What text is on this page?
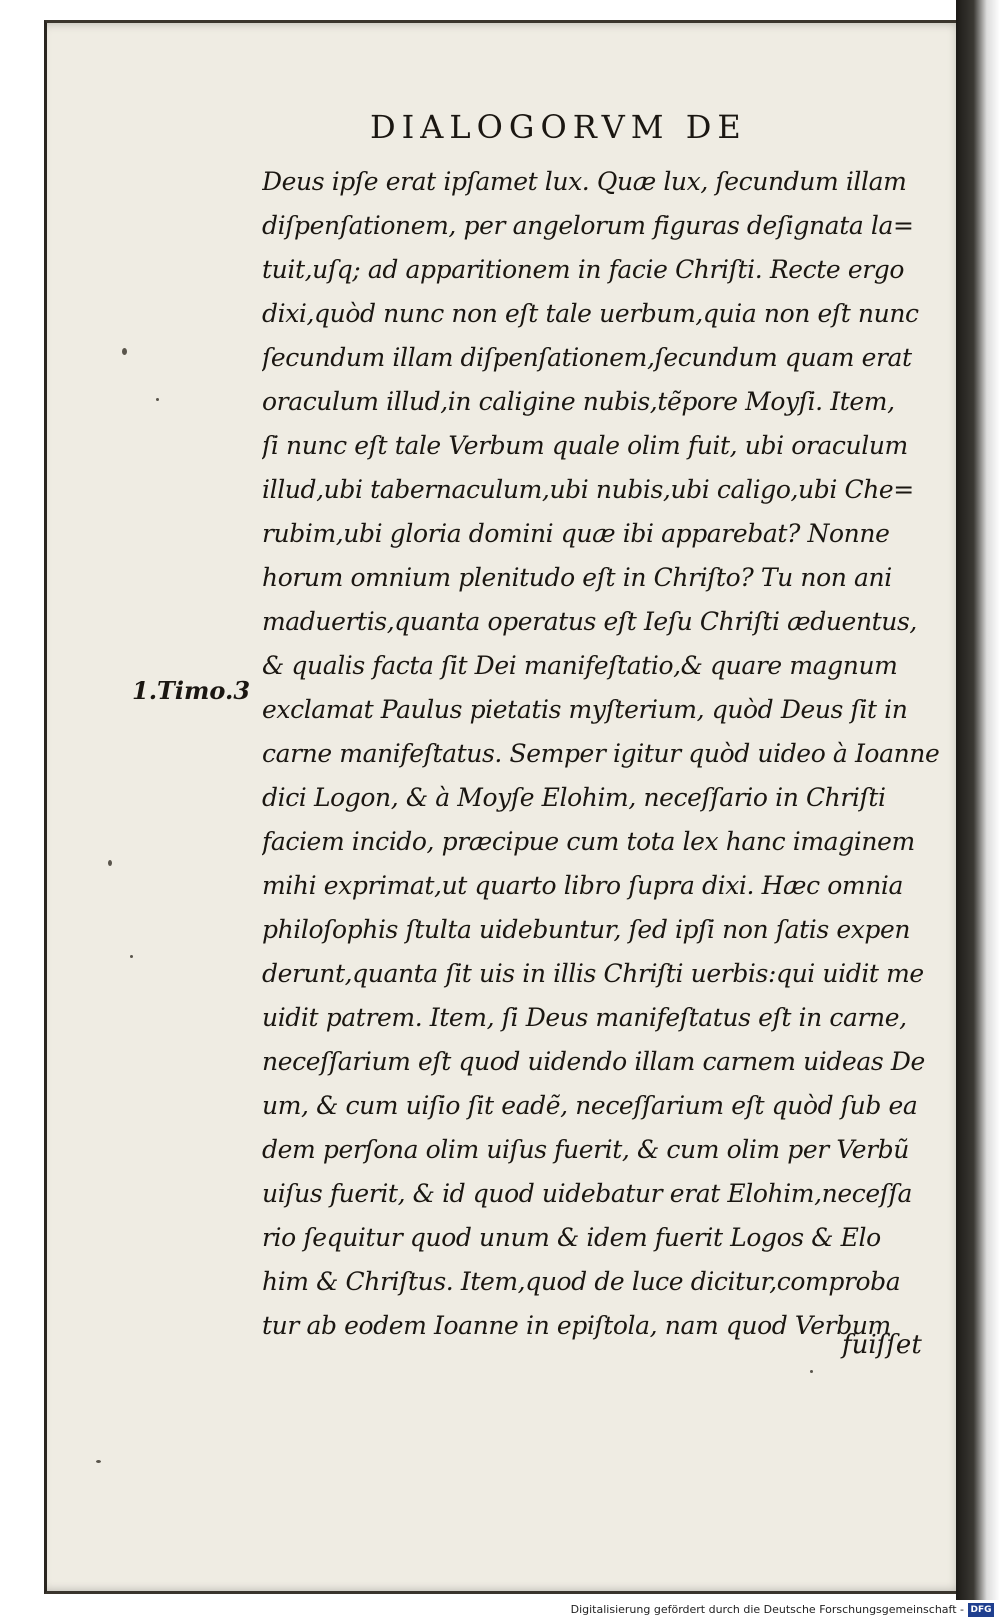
DIALOGORVM DE
1.Timo.3
Deus ipſe erat ipſamet lux. Quæ lux, ſecundum illam
diſpenſationem, per angelorum figuras deſignata la=
tuit,uſq; ad apparitionem in facie Chriſti. Recte ergo
dixi,quòd nunc non eſt tale uerbum,quia non eſt nunc
ſecundum illam diſpenſationem,ſecundum quam erat
oraculum illud,in caligine nubis,tẽpore Moyſi. Item,
ſi nunc eſt tale Verbum quale olim fuit, ubi oraculum
illud,ubi tabernaculum,ubi nubis,ubi caligo,ubi Che=
rubim,ubi gloria domini quæ ibi apparebat? Nonne
horum omnium plenitudo eſt in Chriſto? Tu non ani
maduertis,quanta operatus eſt Ieſu Chriſti æduentus,
& qualis facta ſit Dei manifeſtatio,& quare magnum
exclamat Paulus pietatis myſterium, quòd Deus ſit in
carne manifeſtatus. Semper igitur quòd uideo à Ioanne
dici Logon, & à Moyſe Elohim, neceſſario in Chriſti
faciem incido, præcipue cum tota lex hanc imaginem
mihi exprimat,ut quarto libro ſupra dixi. Hæc omnia
philoſophis ſtulta uidebuntur, ſed ipſi non ſatis expen
derunt,quanta ſit uis in illis Chriſti uerbis:qui uidit me
uidit patrem. Item, ſi Deus manifeſtatus eſt in carne,
neceſſarium eſt quod uidendo illam carnem uideas De
um, & cum uiſio ſit eadẽ, neceſſarium eſt quòd ſub ea
dem perſona olim uiſus fuerit, & cum olim per Verbũ
uiſus fuerit, & id quod uidebatur erat Elohim,neceſſa
rio ſequitur quod unum & idem fuerit Logos & Elo
him & Chriſtus. Item,quod de luce dicitur,comproba
tur ab eodem Ioanne in epiſtola, nam quod Verbum
fuiſſet
Digitalisierung gefördert durch die Deutsche Forschungsgemeinschaft - DFG
